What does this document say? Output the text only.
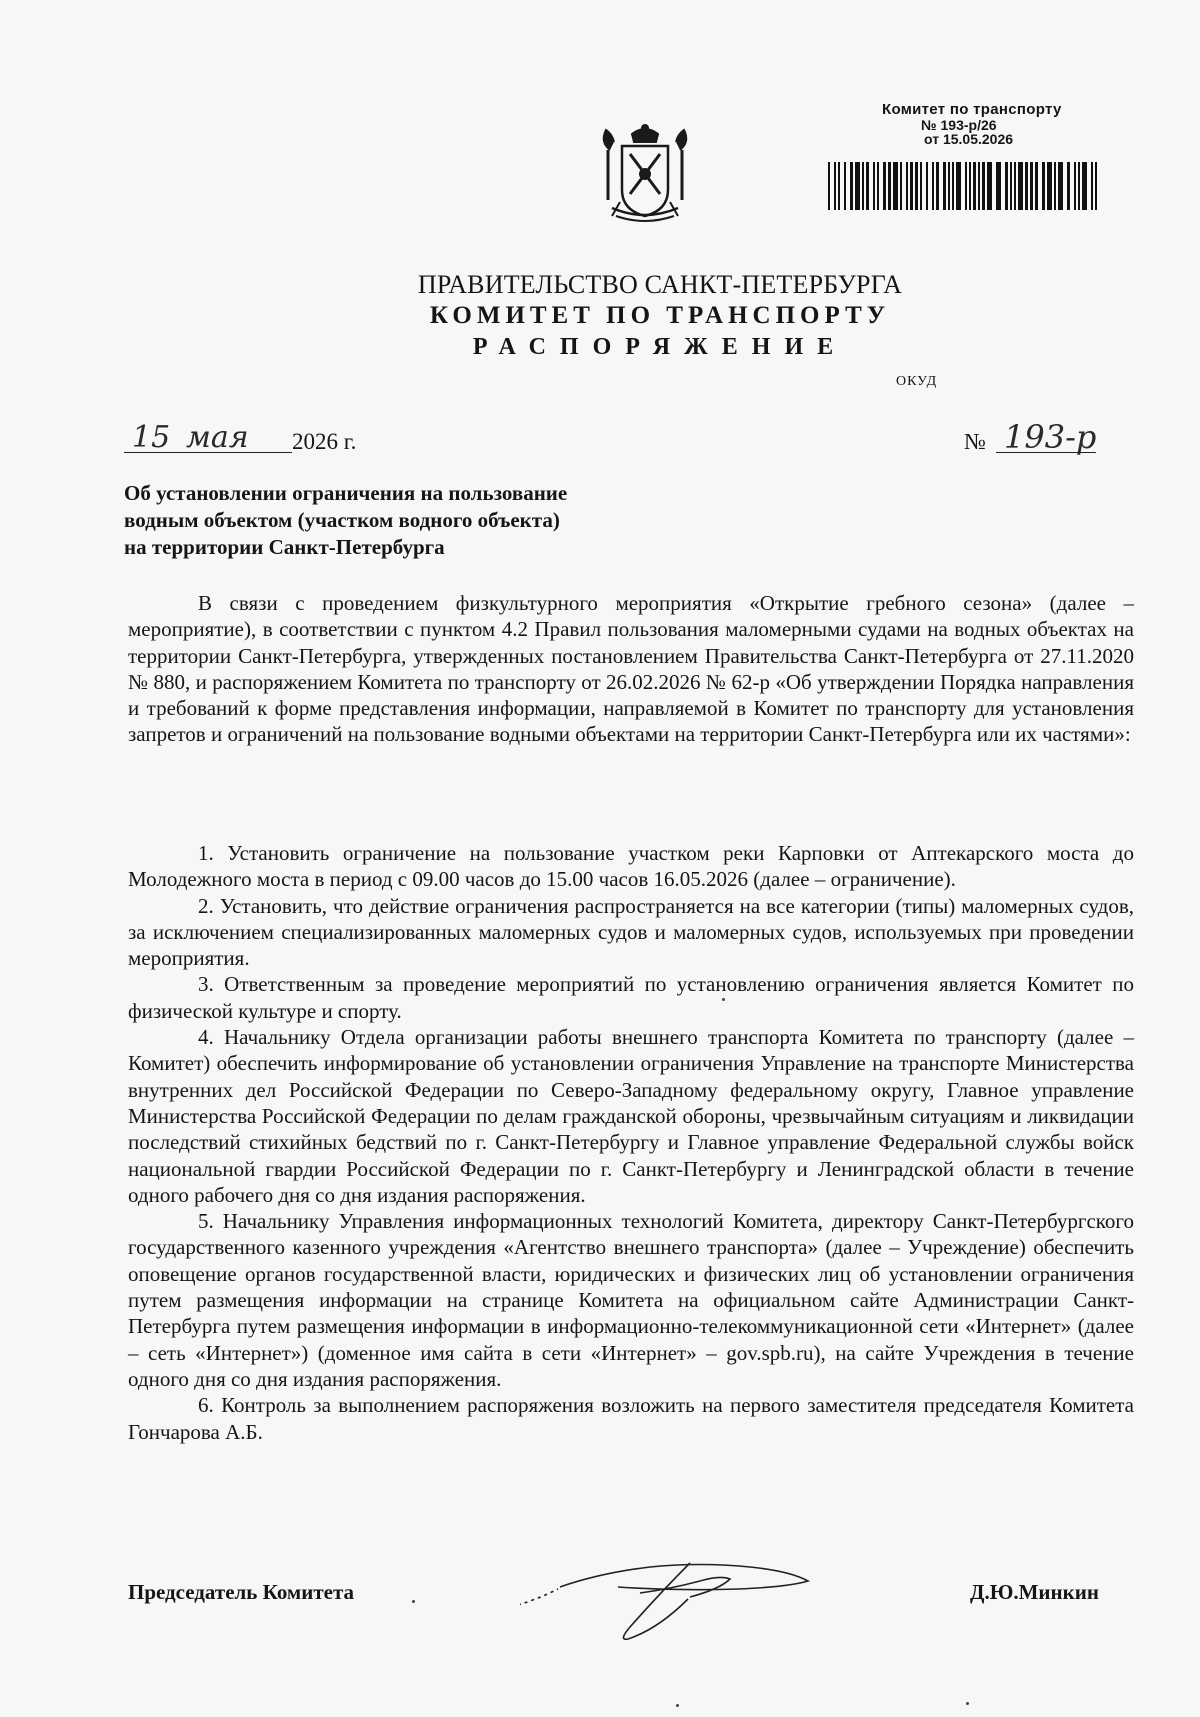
Комитет по транспорту
№ 193-р/26
от 15.05.2026
ПРАВИТЕЛЬСТВО САНКТ-ПЕТЕРБУРГА
КОМИТЕТ ПО ТРАНСПОРТУ
РАСПОРЯЖЕНИЕ
ОКУД
15 мая 2026 г.	№ 193-р
Об установлении ограничения на пользование
водным объектом (участком водного объекта)
на территории Санкт-Петербурга

В связи с проведением физкультурного мероприятия «Открытие гребного сезона» (далее – мероприятие), в соответствии с пунктом 4.2 Правил пользования маломерными судами на водных объектах на территории Санкт-Петербурга, утвержденных постановлением Правительства Санкт-Петербурга от 27.11.2020 № 880, и распоряжением Комитета по транспорту от 26.02.2026 № 62-р «Об утверждении Порядка направления и требований к форме представления информации, направляемой в Комитет по транспорту для установления запретов и ограничений на пользование водными объектами на территории Санкт-Петербурга или их частями»:

1. Установить ограничение на пользование участком реки Карповки от Аптекарского моста до Молодежного моста в период с 09.00 часов до 15.00 часов 16.05.2026 (далее – ограничение).

2. Установить, что действие ограничения распространяется на все категории (типы) маломерных судов, за исключением специализированных маломерных судов и маломерных судов, используемых при проведении мероприятия.

3. Ответственным за проведение мероприятий по установлению ограничения является Комитет по физической культуре и спорту.

4. Начальнику Отдела организации работы внешнего транспорта Комитета по транспорту (далее – Комитет) обеспечить информирование об установлении ограничения Управление на транспорте Министерства внутренних дел Российской Федерации по Северо-Западному федеральному округу, Главное управление Министерства Российской Федерации по делам гражданской обороны, чрезвычайным ситуациям и ликвидации последствий стихийных бедствий по г. Санкт-Петербургу и Главное управление Федеральной службы войск национальной гвардии Российской Федерации по г. Санкт-Петербургу и Ленинградской области в течение одного рабочего дня со дня издания распоряжения.

5. Начальнику Управления информационных технологий Комитета, директору Санкт-Петербургского государственного казенного учреждения «Агентство внешнего транспорта» (далее – Учреждение) обеспечить оповещение органов государственной власти, юридических и физических лиц об установлении ограничения путем размещения информации на странице Комитета на официальном сайте Администрации Санкт-Петербурга путем размещения информации в информационно-телекоммуникационной сети «Интернет» (далее – сеть «Интернет») (доменное имя сайта в сети «Интернет» – gov.spb.ru), на сайте Учреждения в течение одного дня со дня издания распоряжения.

6. Контроль за выполнением распоряжения возложить на первого заместителя председателя Комитета Гончарова А.Б.

Председатель Комитета	Д.Ю.Минкин
